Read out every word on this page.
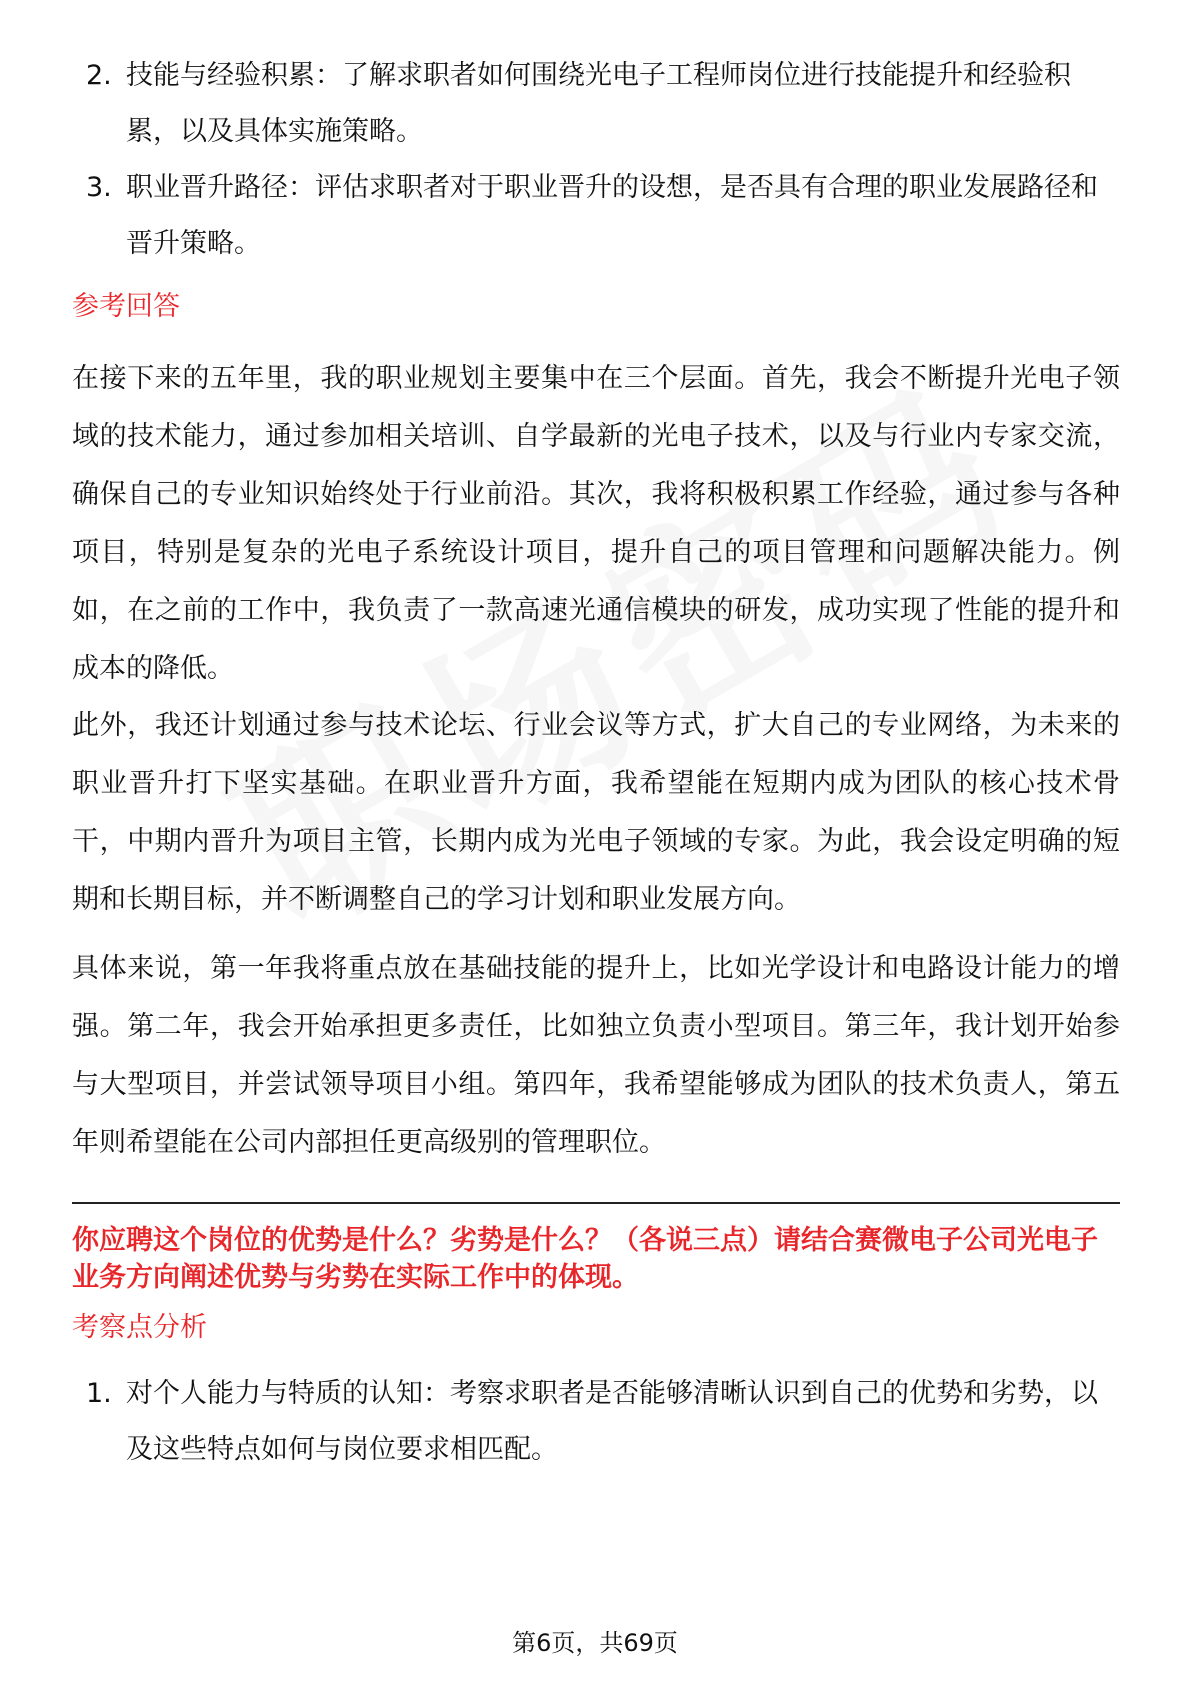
2. 技能与经验积累：了解求职者如何围绕光电子工程师岗位进行技能提升和经验积累，以及具体实施策略。

3. 职业晋升路径：评估求职者对于职业晋升的设想，是否具有合理的职业发展路径和晋升策略。

参考回答

在接下来的五年里，我的职业规划主要集中在三个层面。首先，我会不断提升光电子领域的技术能力，通过参加相关培训、自学最新的光电子技术，以及与行业内专家交流，确保自己的专业知识始终处于行业前沿。其次，我将积极积累工作经验，通过参与各种项目，特别是复杂的光电子系统设计项目，提升自己的项目管理和问题解决能力。例如，在之前的工作中，我负责了一款高速光通信模块的研发，成功实现了性能的提升和成本的降低。

此外，我还计划通过参与技术论坛、行业会议等方式，扩大自己的专业网络，为未来的职业晋升打下坚实基础。在职业晋升方面，我希望能在短期内成为团队的核心技术骨干，中期内晋升为项目主管，长期内成为光电子领域的专家。为此，我会设定明确的短期和长期目标，并不断调整自己的学习计划和职业发展方向。

具体来说，第一年我将重点放在基础技能的提升上，比如光学设计和电路设计能力的增强。第二年，我会开始承担更多责任，比如独立负责小型项目。第三年，我计划开始参与大型项目，并尝试领导项目小组。第四年，我希望能够成为团队的技术负责人，第五年则希望能在公司内部担任更高级别的管理职位。

你应聘这个岗位的优势是什么？劣势是什么？（各说三点）请结合赛微电子公司光电子业务方向阐述优势与劣势在实际工作中的体现。

考察点分析

1. 对个人能力与特质的认知：考察求职者是否能够清晰认识到自己的优势和劣势，以及这些特点如何与岗位要求相匹配。

第6页，共69页
